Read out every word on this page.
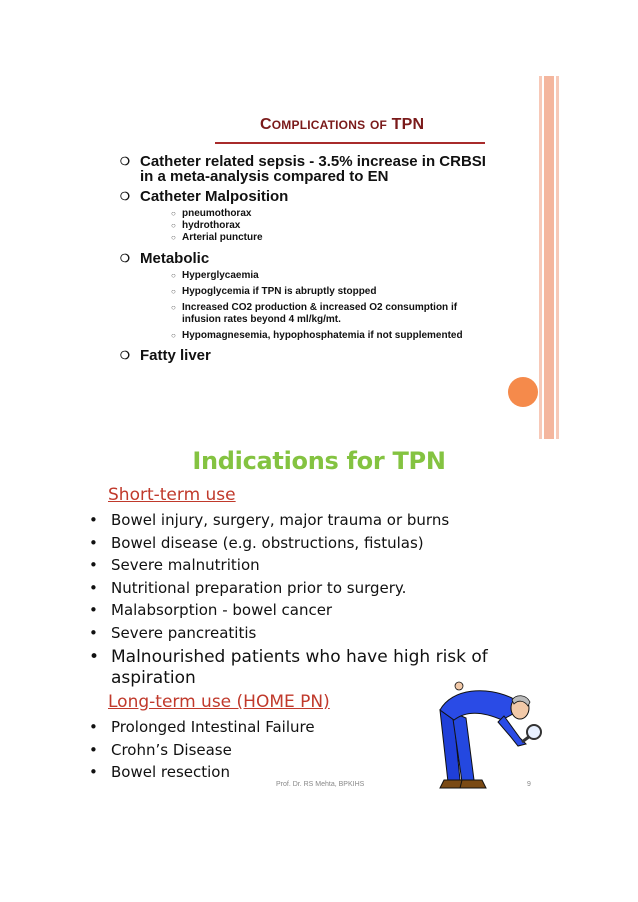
COMPLICATIONS OF TPN
❍ Catheter related sepsis - 3.5% increase in CRBSI
in a meta-analysis compared to EN
❍ Catheter Malposition
○ pneumothorax
○ hydrothorax
○ Arterial puncture
❍ Metabolic
○ Hyperglycaemia
○ Hypoglycemia if TPN is abruptly stopped
○ Increased CO2 production & increased O2 consumption if
infusion rates beyond 4 ml/kg/mt.
○ Hypomagnesemia, hypophosphatemia if not supplemented
❍ Fatty liver
Indications for TPN
Short-term use
• Bowel injury, surgery, major trauma or burns
• Bowel disease (e.g. obstructions, fistulas)
• Severe malnutrition
• Nutritional preparation prior to surgery.
• Malabsorption - bowel cancer
• Severe pancreatitis
• Malnourished patients who have high risk of
aspiration
Long-term use (HOME PN)
• Prolonged Intestinal Failure
• Crohn’s Disease
• Bowel resection
Prof. Dr. RS Mehta, BPKIHS	9
